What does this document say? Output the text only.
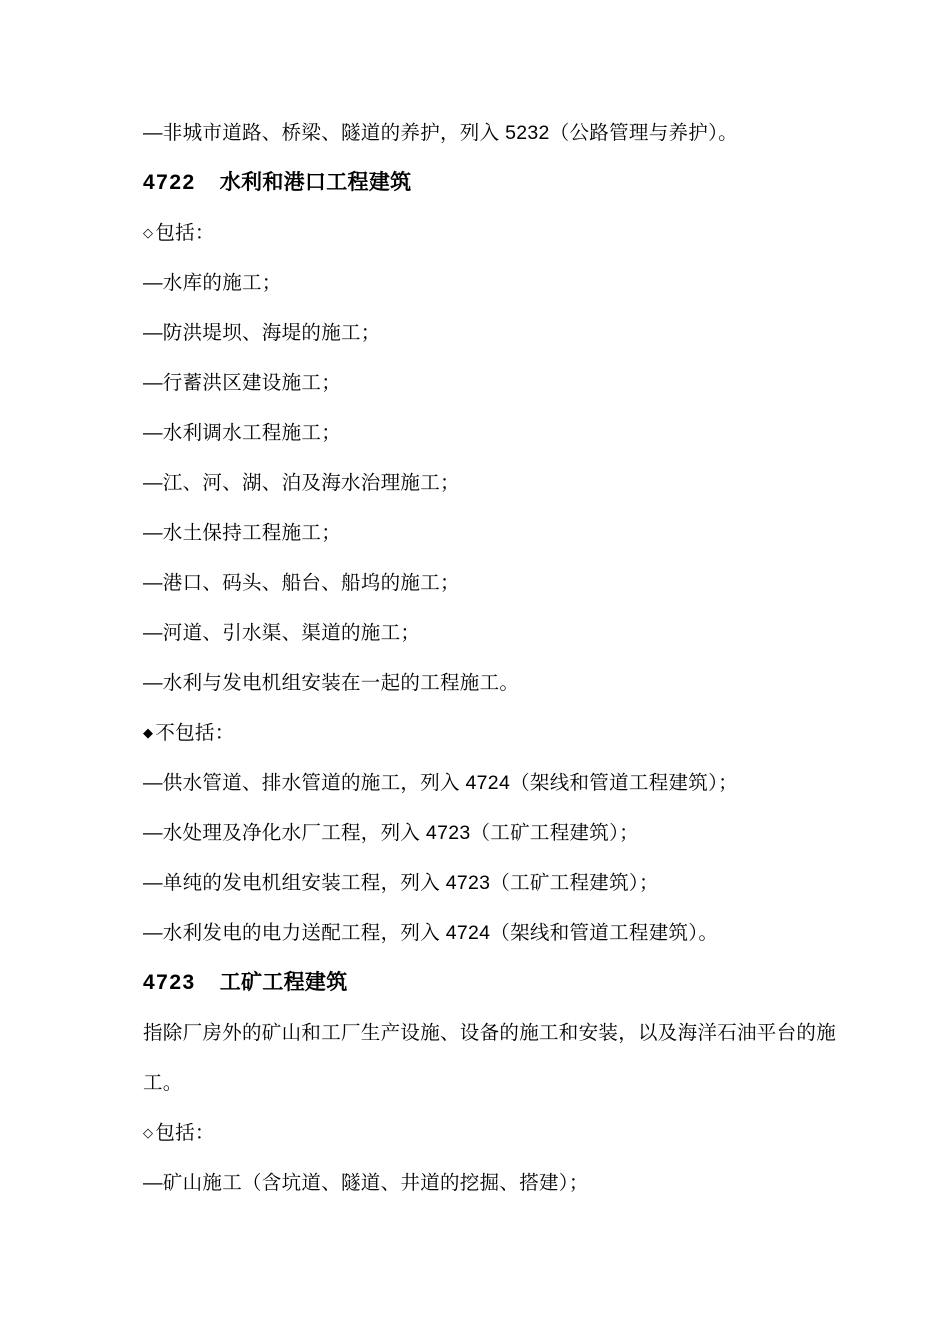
—非城市道路、桥梁、隧道的养护，列入 5232（公路管理与养护）。
4722 水利和港口工程建筑
◇ 包括：
—水库的施工；
—防洪堤坝、海堤的施工；
—行蓄洪区建设施工；
—水利调水工程施工；
—江、河、湖、泊及海水治理施工；
—水土保持工程施工；
—港口、码头、船台、船坞的施工；
—河道、引水渠、渠道的施工；
—水利与发电机组安装在一起的工程施工。
◆ 不包括：
—供水管道、排水管道的施工，列入 4724（架线和管道工程建筑）；
—水处理及净化水厂工程，列入 4723（工矿工程建筑）；
—单纯的发电机组安装工程，列入 4723（工矿工程建筑）；
—水利发电的电力送配工程，列入 4724（架线和管道工程建筑）。
4723 工矿工程建筑
指除厂房外的矿山和工厂生产设施、设备的施工和安装，以及海洋石油平台的施
工。
◇ 包括：
—矿山施工（含坑道、隧道、井道的挖掘、搭建）；
